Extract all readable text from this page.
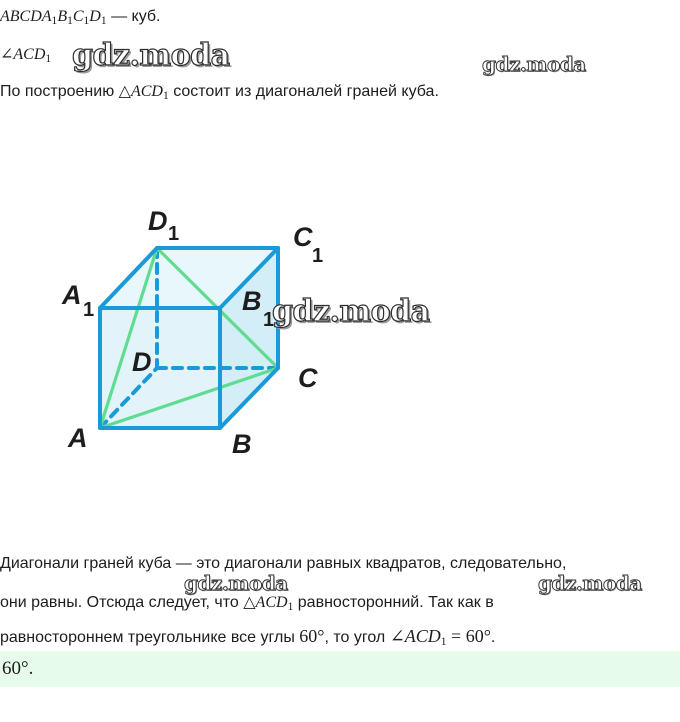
$ABCDA_1B_1C_1D_1$ — куб.
$\angle ACD_1$
По построению $\triangle ACD_1$ состоит из диагоналей граней куба.
D 1	C
1
A 1	B
1
D
C
A	B
Диагонали граней куба — это диагонали равных квадратов, следовательно,
они равны. Отсюда следует, что $\triangle ACD_1$ равносторонний. Так как в
равностороннем треугольнике все углы 60°, то угол $\angle ACD_1 = 60^\circ$.
60°.
gdz.moda	gdz.moda
gdz.moda
gdz.moda	gdz.moda
